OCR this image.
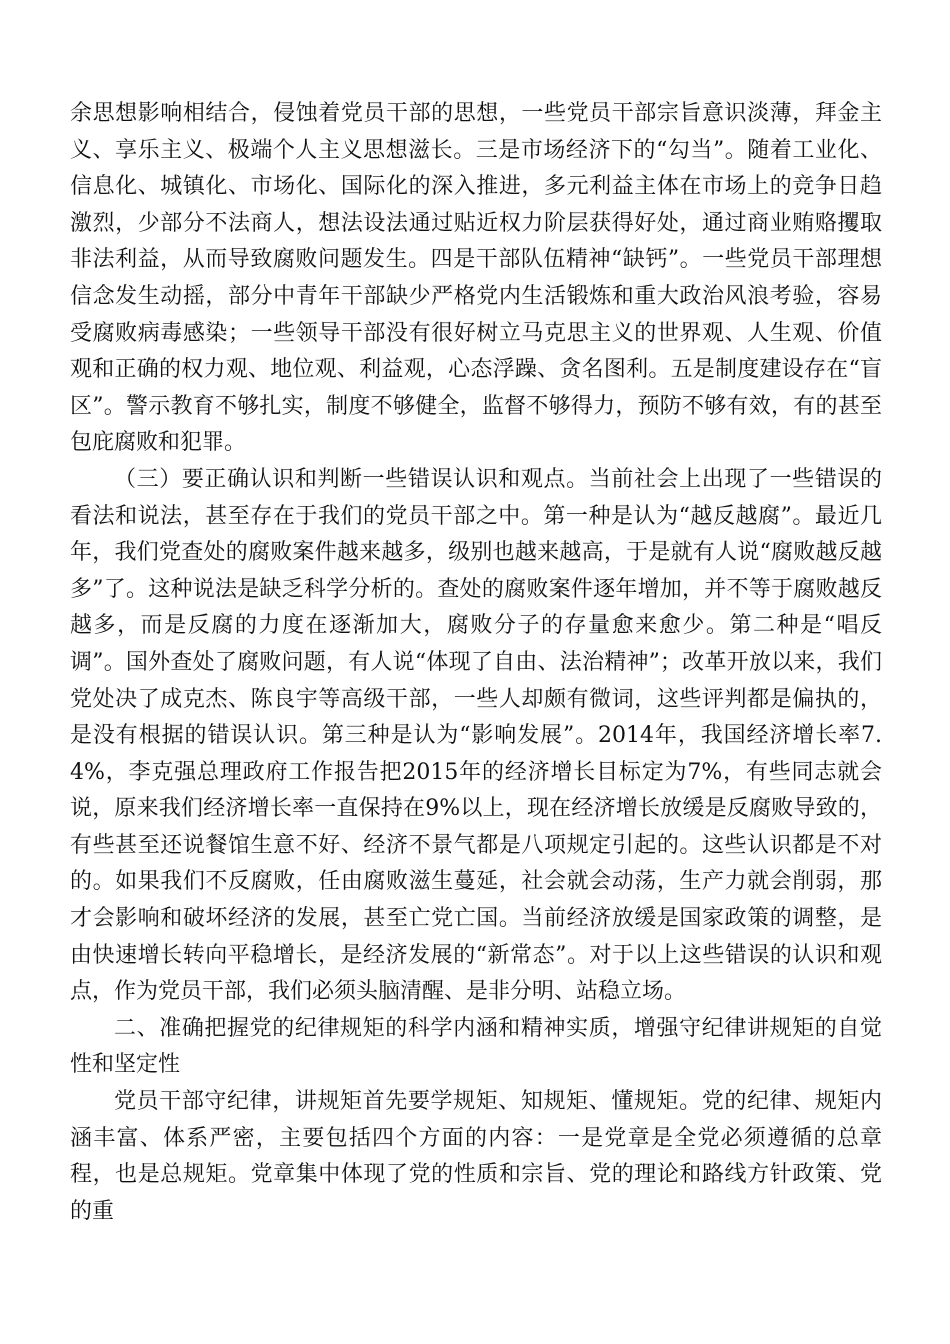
余思想影响相结合，侵蚀着党员干部的思想，一些党员干部宗旨意识淡薄，拜金主义、享乐主义、极端个人主义思想滋长。三是市场经济下的“勾当”。随着工业化、信息化、城镇化、市场化、国际化的深入推进，多元利益主体在市场上的竞争日趋激烈，少部分不法商人，想法设法通过贴近权力阶层获得好处，通过商业贿赂攫取非法利益，从而导致腐败问题发生。四是干部队伍精神“缺钙”。一些党员干部理想信念发生动摇，部分中青年干部缺少严格党内生活锻炼和重大政治风浪考验，容易受腐败病毒感染；一些领导干部没有很好树立马克思主义的世界观、人生观、价值观和正确的权力观、地位观、利益观，心态浮躁、贪名图利。五是制度建设存在“盲区”。警示教育不够扎实，制度不够健全，监督不够得力，预防不够有效，有的甚至包庇腐败和犯罪。

（三）要正确认识和判断一些错误认识和观点。当前社会上出现了一些错误的看法和说法，甚至存在于我们的党员干部之中。第一种是认为“越反越腐”。最近几年，我们党查处的腐败案件越来越多，级别也越来越高，于是就有人说“腐败越反越多”了。这种说法是缺乏科学分析的。查处的腐败案件逐年增加，并不等于腐败越反越多，而是反腐的力度在逐渐加大，腐败分子的存量愈来愈少。第二种是“唱反调”。国外查处了腐败问题，有人说“体现了自由、法治精神”；改革开放以来，我们党处决了成克杰、陈良宇等高级干部，一些人却颇有微词，这些评判都是偏执的，是没有根据的错误认识。第三种是认为“影响发展”。2014年，我国经济增长率7.4%，李克强总理政府工作报告把2015年的经济增长目标定为7%，有些同志就会说，原来我们经济增长率一直保持在9%以上，现在经济增长放缓是反腐败导致的，有些甚至还说餐馆生意不好、经济不景气都是八项规定引起的。这些认识都是不对的。如果我们不反腐败，任由腐败滋生蔓延，社会就会动荡，生产力就会削弱，那才会影响和破坏经济的发展，甚至亡党亡国。当前经济放缓是国家政策的调整，是由快速增长转向平稳增长，是经济发展的“新常态”。对于以上这些错误的认识和观点，作为党员干部，我们必须头脑清醒、是非分明、站稳立场。

二、准确把握党的纪律规矩的科学内涵和精神实质，增强守纪律讲规矩的自觉性和坚定性

党员干部守纪律，讲规矩首先要学规矩、知规矩、懂规矩。党的纪律、规矩内涵丰富、体系严密，主要包括四个方面的内容：一是党章是全党必须遵循的总章程，也是总规矩。党章集中体现了党的性质和宗旨、党的理论和路线方针政策、党的重
